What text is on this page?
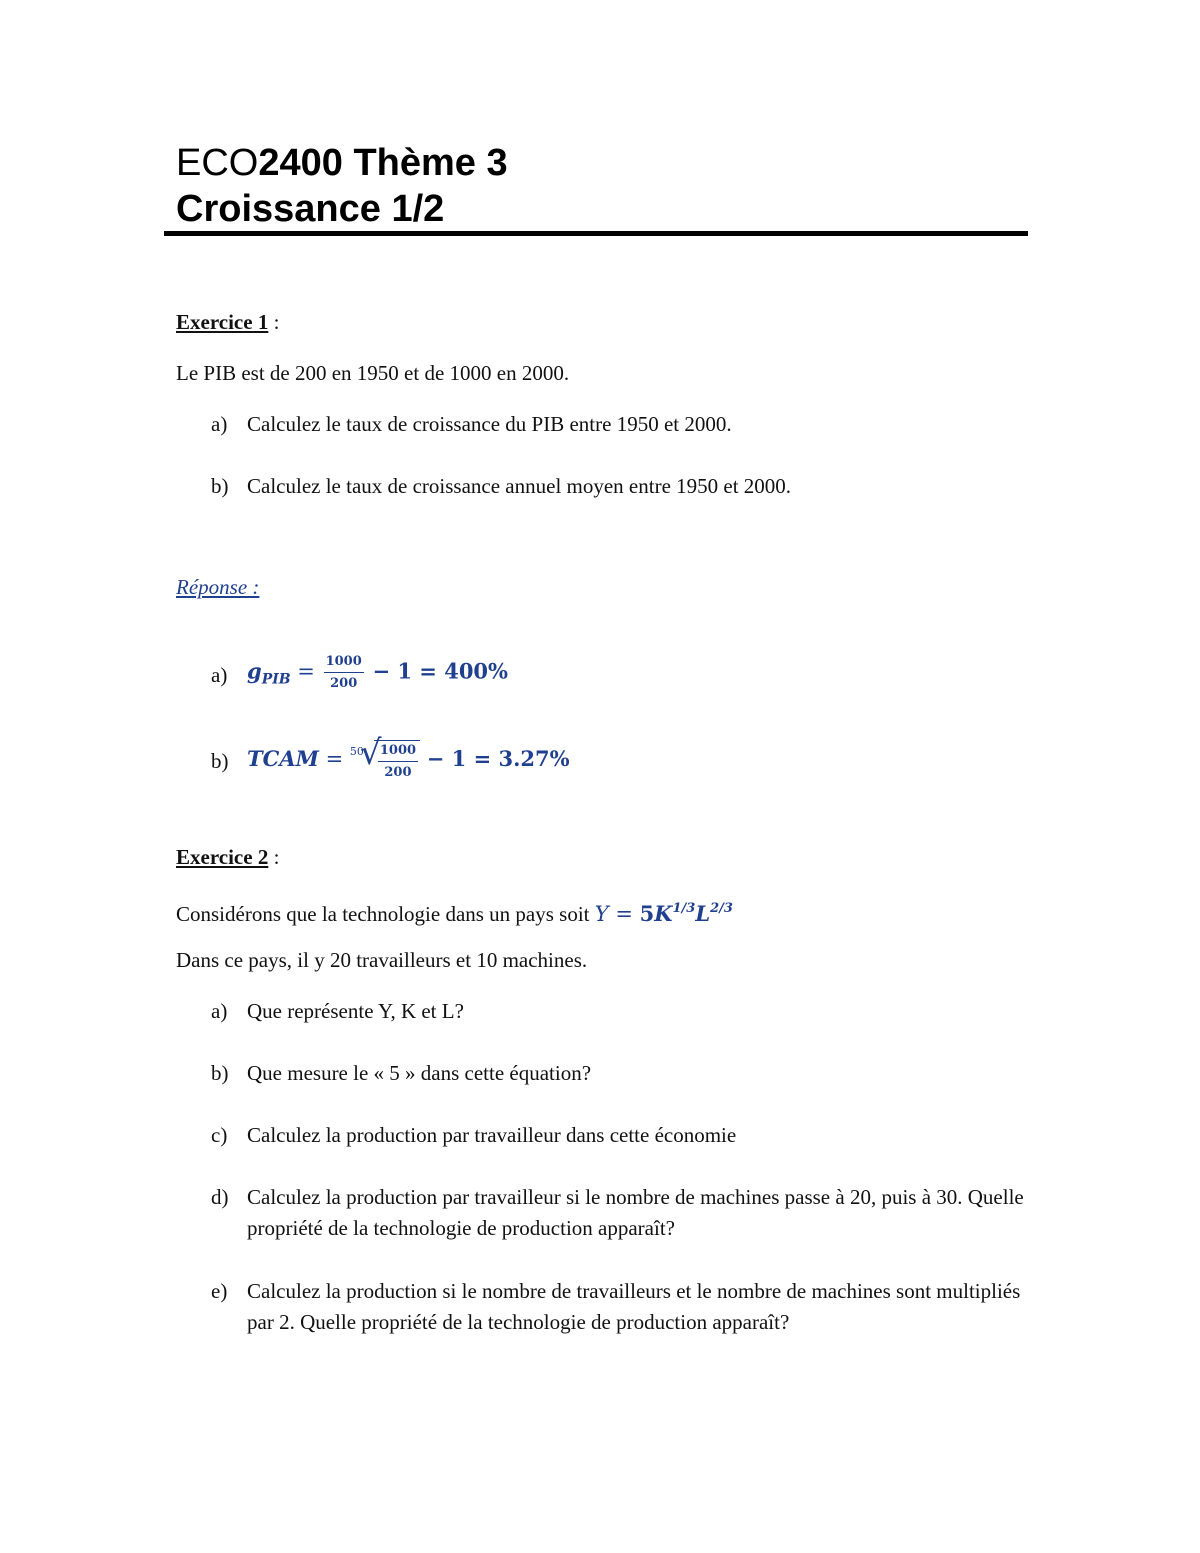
ECO2400 Thème 3
Croissance 1/2
Exercice 1 :
Le PIB est de 200 en 1950 et de 1000 en 2000.
a) Calculez le taux de croissance du PIB entre 1950 et 2000.
b) Calculez le taux de croissance annuel moyen entre 1950 et 2000.
Réponse :
a) $g_{PIB} = \frac{1000}{200} - 1 = 400\%$
b) TCAM = 50
√
$\frac{1000}{200} - 1 = 3.27\%$
Exercice 2 :
Considérons que la technologie dans un pays soit $Y = 5K^{1/3}L^{2/3}$
Dans ce pays, il y 20 travailleurs et 10 machines.
a) Que représente Y, K et L?
b) Que mesure le « 5 » dans cette équation?
c) Calculez la production par travailleur dans cette économie
d) Calculez la production par travailleur si le nombre de machines passe à 20, puis à 30. Quelle propriété de la technologie de production apparaît?
e) Calculez la production si le nombre de travailleurs et le nombre de machines sont multipliés par 2. Quelle propriété de la technologie de production apparaît?
